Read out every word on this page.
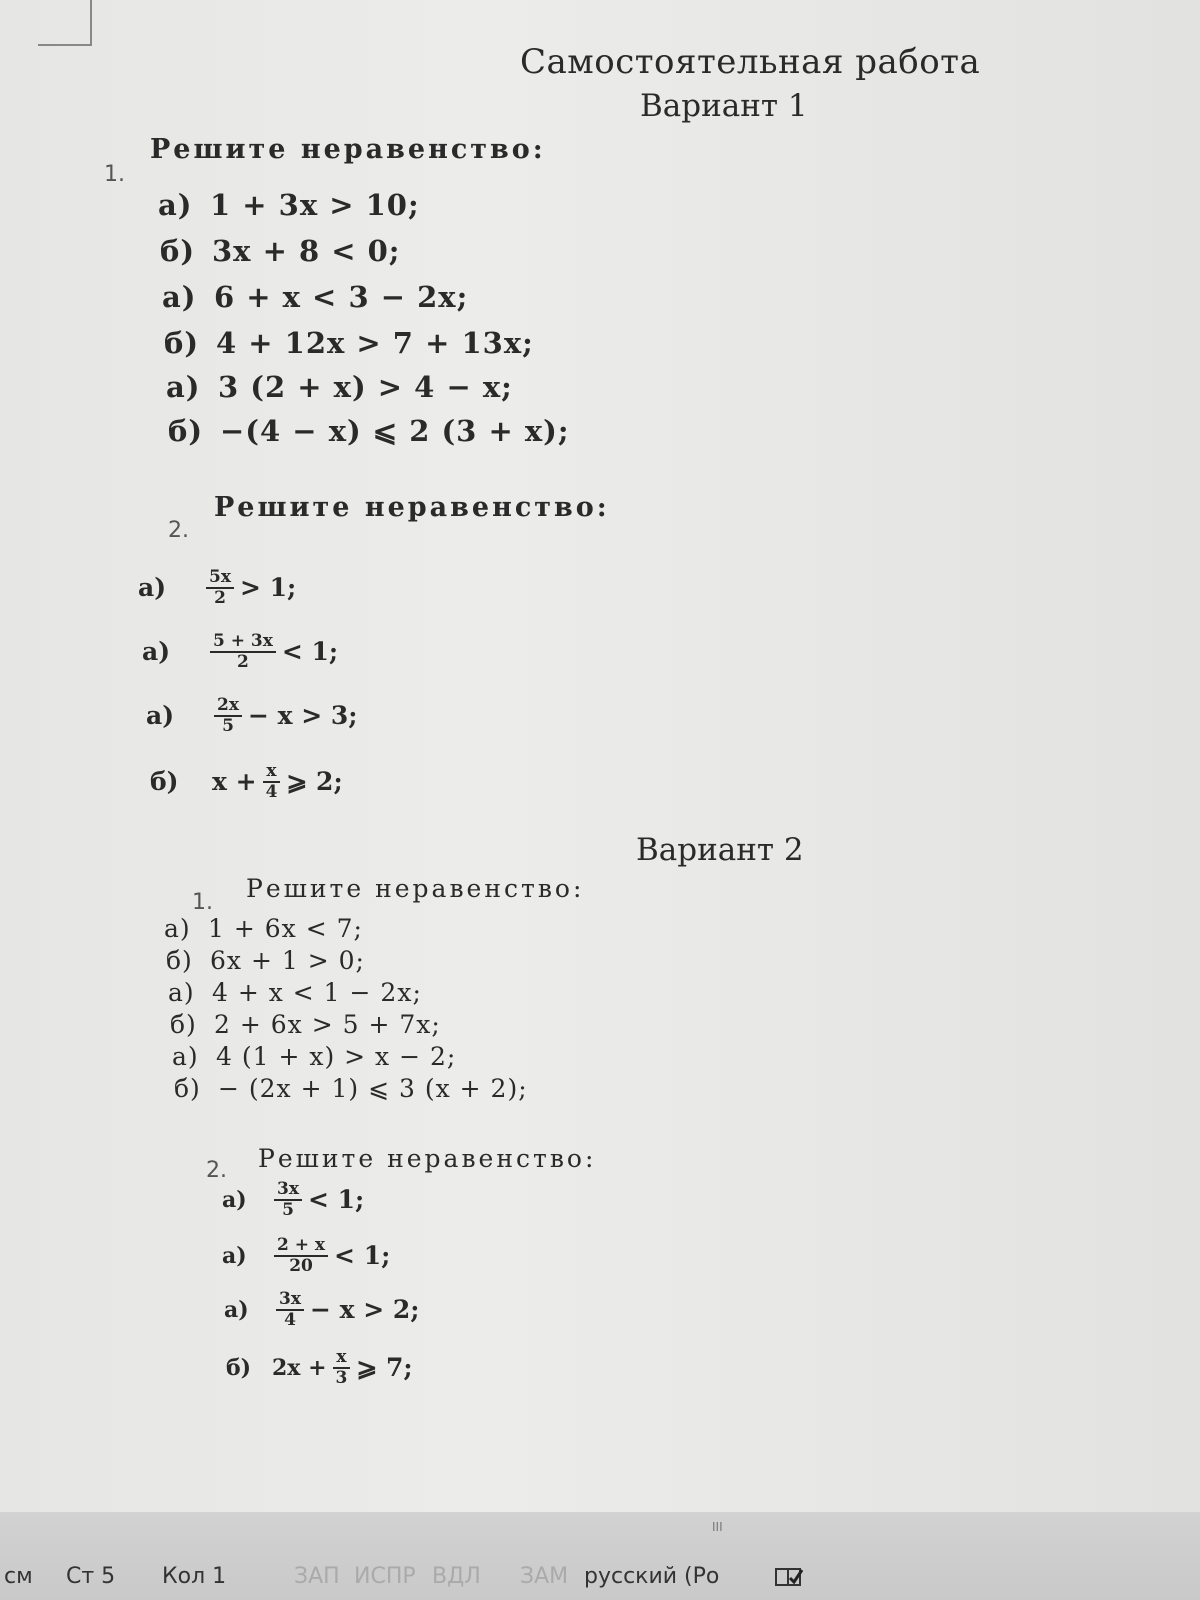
Самостоятельная работа
Вариант 1
1.
Решите неравенство:
а) 1 + 3x > 10;
б) 3x + 8 < 0;
а) 6 + x < 3 − 2x;
б) 4 + 12x > 7 + 13x;
а) 3 (2 + x) > 4 − x;
б) −(4 − x) ⩽ 2 (3 + x);
2.
Решите неравенство:
а)	$\frac{5x}{2} > 1$;
а)	$\frac{5 + 3x}{2} < 1$;
а)	$\frac{2x}{5} - x > 3$;
б)	$x + \frac{x}{4}$ ⩾ 2;
Вариант 2
1. Решите неравенство:
а) 1 + 6x < 7;
б) 6x + 1 > 0;
а) 4 + x < 1 − 2x;
б) 2 + 6x > 5 + 7x;
а) 4 (1 + x) > x − 2;
б) − (2x + 1) ⩽ 3 (x + 2);
2. Решите неравенство:
а)	$\frac{3x}{5} < 1$;
а)	$\frac{2 + x}{20} < 1$;
а)	$\frac{3x}{4} - x > 2$;
б) $2x + \frac{x}{3}$ ⩾ 7;
III
см Ст 5 Кол 1	ЗАП ИСПР ВДЛ ЗАМ русский (Ро
